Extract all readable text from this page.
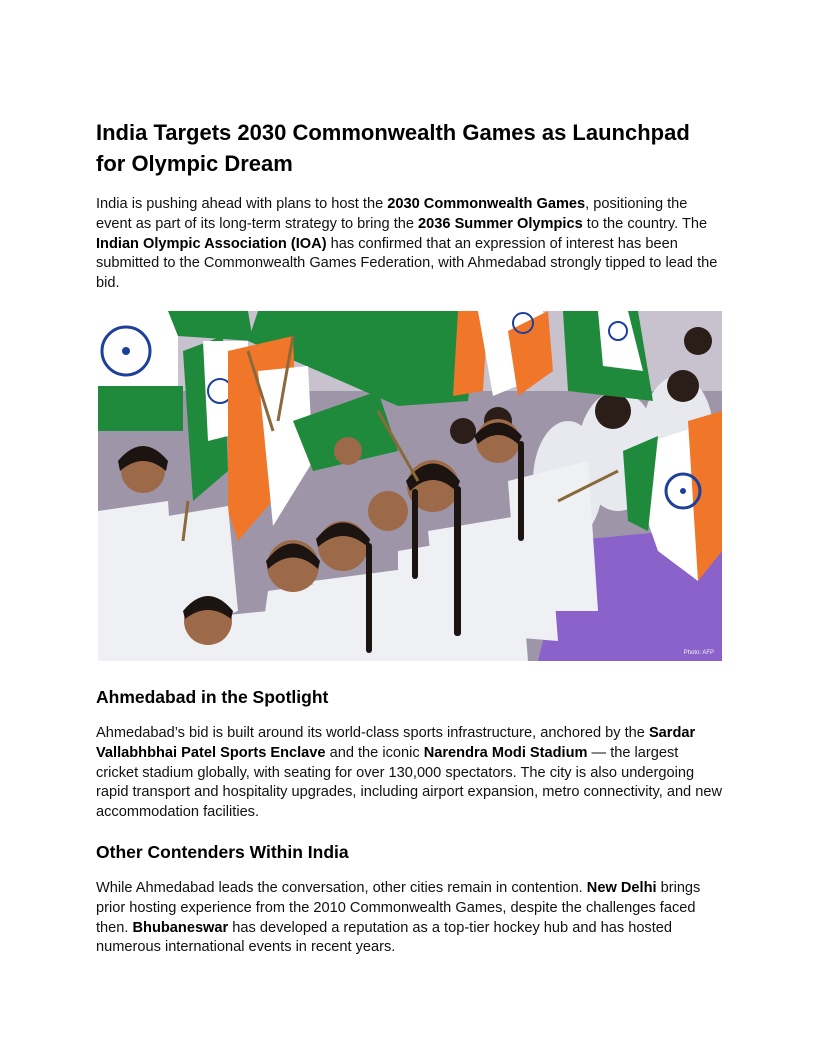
India Targets 2030 Commonwealth Games as Launchpad for Olympic Dream

India is pushing ahead with plans to host the 2030 Commonwealth Games, positioning the event as part of its long-term strategy to bring the 2036 Summer Olympics to the country. The Indian Olympic Association (IOA) has confirmed that an expression of interest has been submitted to the Commonwealth Games Federation, with Ahmedabad strongly tipped to lead the bid.

Photo: AFP
Ahmedabad in the Spotlight

Ahmedabad’s bid is built around its world-class sports infrastructure, anchored by the Sardar Vallabhbhai Patel Sports Enclave and the iconic Narendra Modi Stadium — the largest cricket stadium globally, with seating for over 130,000 spectators. The city is also undergoing rapid transport and hospitality upgrades, including airport expansion, metro connectivity, and new accommodation facilities.

Other Contenders Within India

While Ahmedabad leads the conversation, other cities remain in contention. New Delhi brings prior hosting experience from the 2010 Commonwealth Games, despite the challenges faced then. Bhubaneswar has developed a reputation as a top-tier hockey hub and has hosted numerous international events in recent years.
